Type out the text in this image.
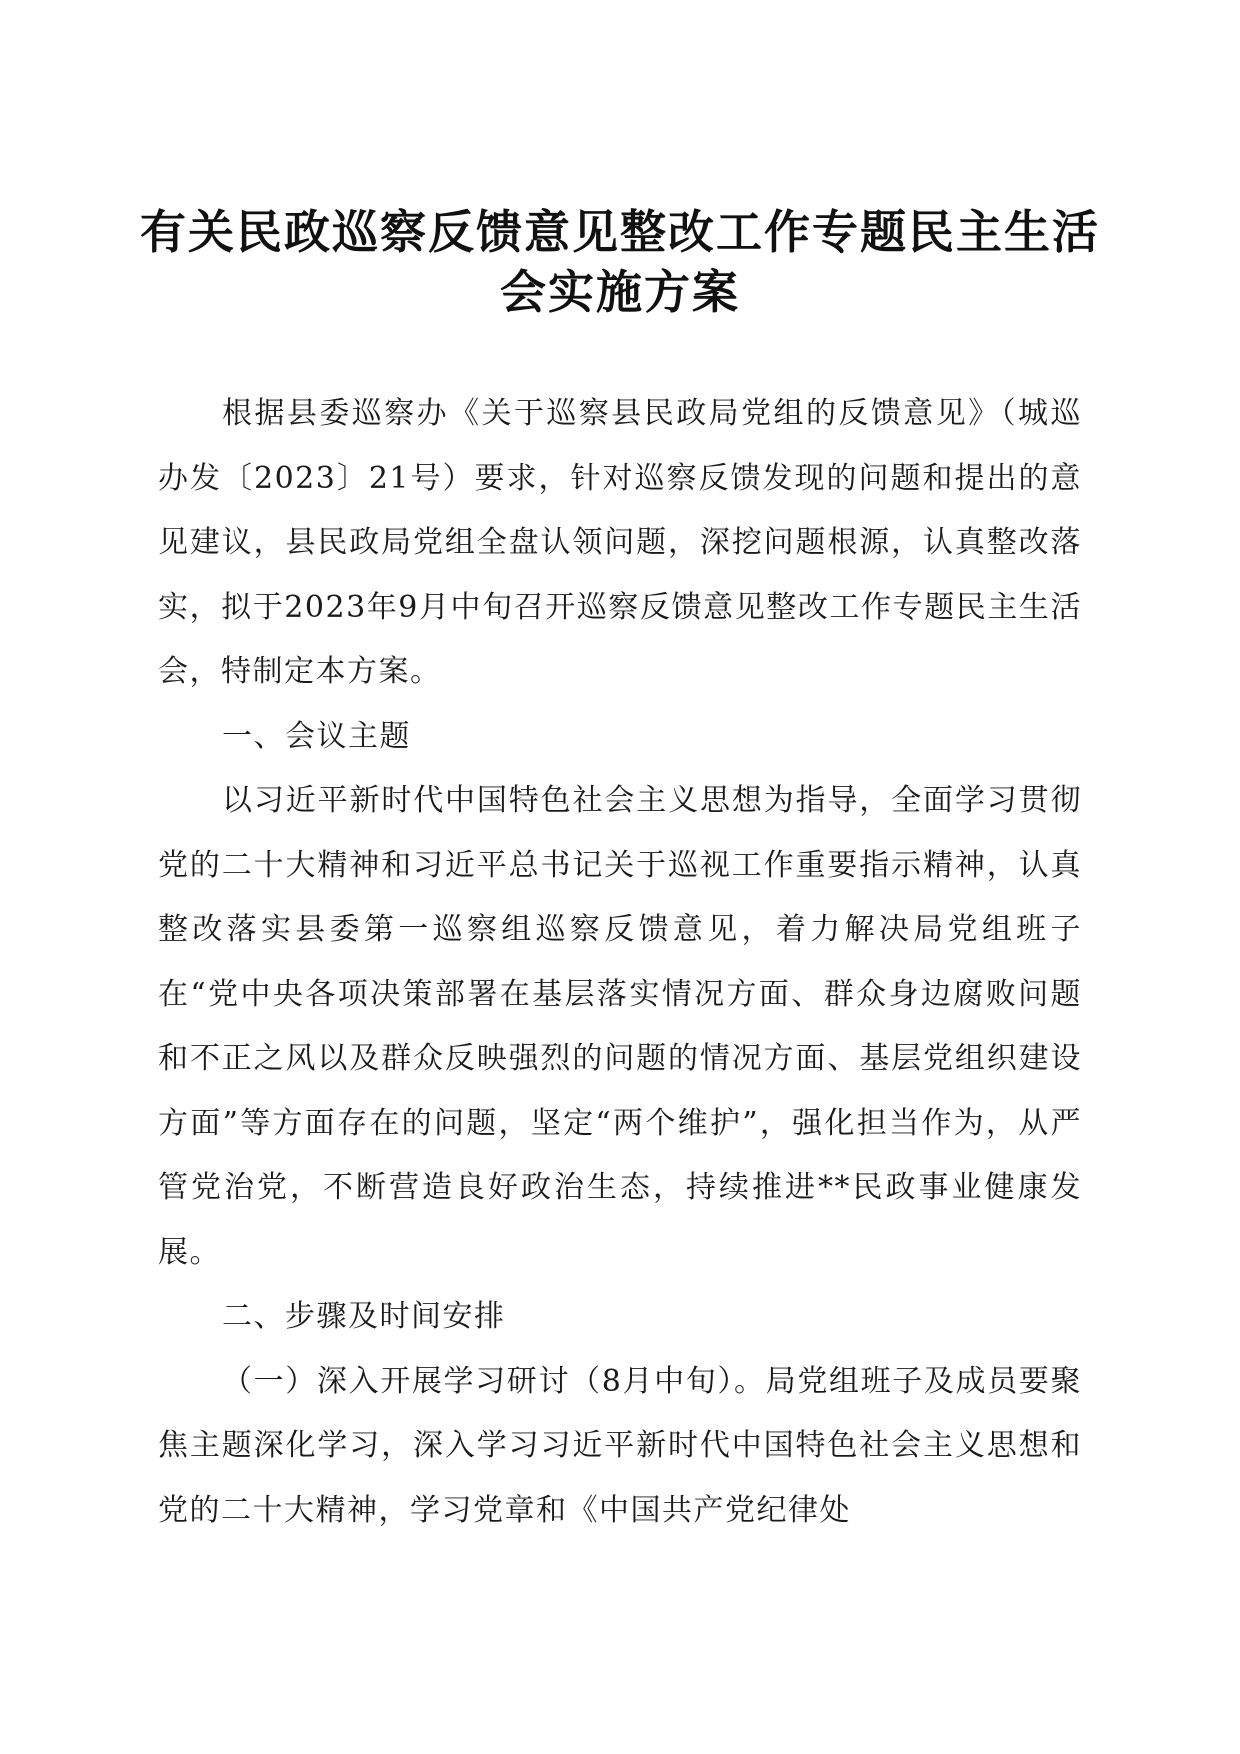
有关民政巡察反馈意见整改工作专题民主生活
会实施方案

根据县委巡察办《关于巡察县民政局党组的反馈意见》（城巡办发〔2023〕21号）要求，针对巡察反馈发现的问题和提出的意见建议，县民政局党组全盘认领问题，深挖问题根源，认真整改落实，拟于2023年9月中旬召开巡察反馈意见整改工作专题民主生活会，特制定本方案。

一、会议主题

以习近平新时代中国特色社会主义思想为指导，全面学习贯彻党的二十大精神和习近平总书记关于巡视工作重要指示精神，认真整改落实县委第一巡察组巡察反馈意见，着力解决局党组班子在“党中央各项决策部署在基层落实情况方面、群众身边腐败问题和不正之风以及群众反映强烈的问题的情况方面、基层党组织建设方面”等方面存在的问题，坚定“两个维护”，强化担当作为，从严管党治党，不断营造良好政治生态，持续推进**民政事业健康发展。

二、步骤及时间安排

（一）深入开展学习研讨（8月中旬）。局党组班子及成员要聚焦主题深化学习，深入学习习近平新时代中国特色社会主义思想和党的二十大精神，学习党章和《中国共产党纪律处
